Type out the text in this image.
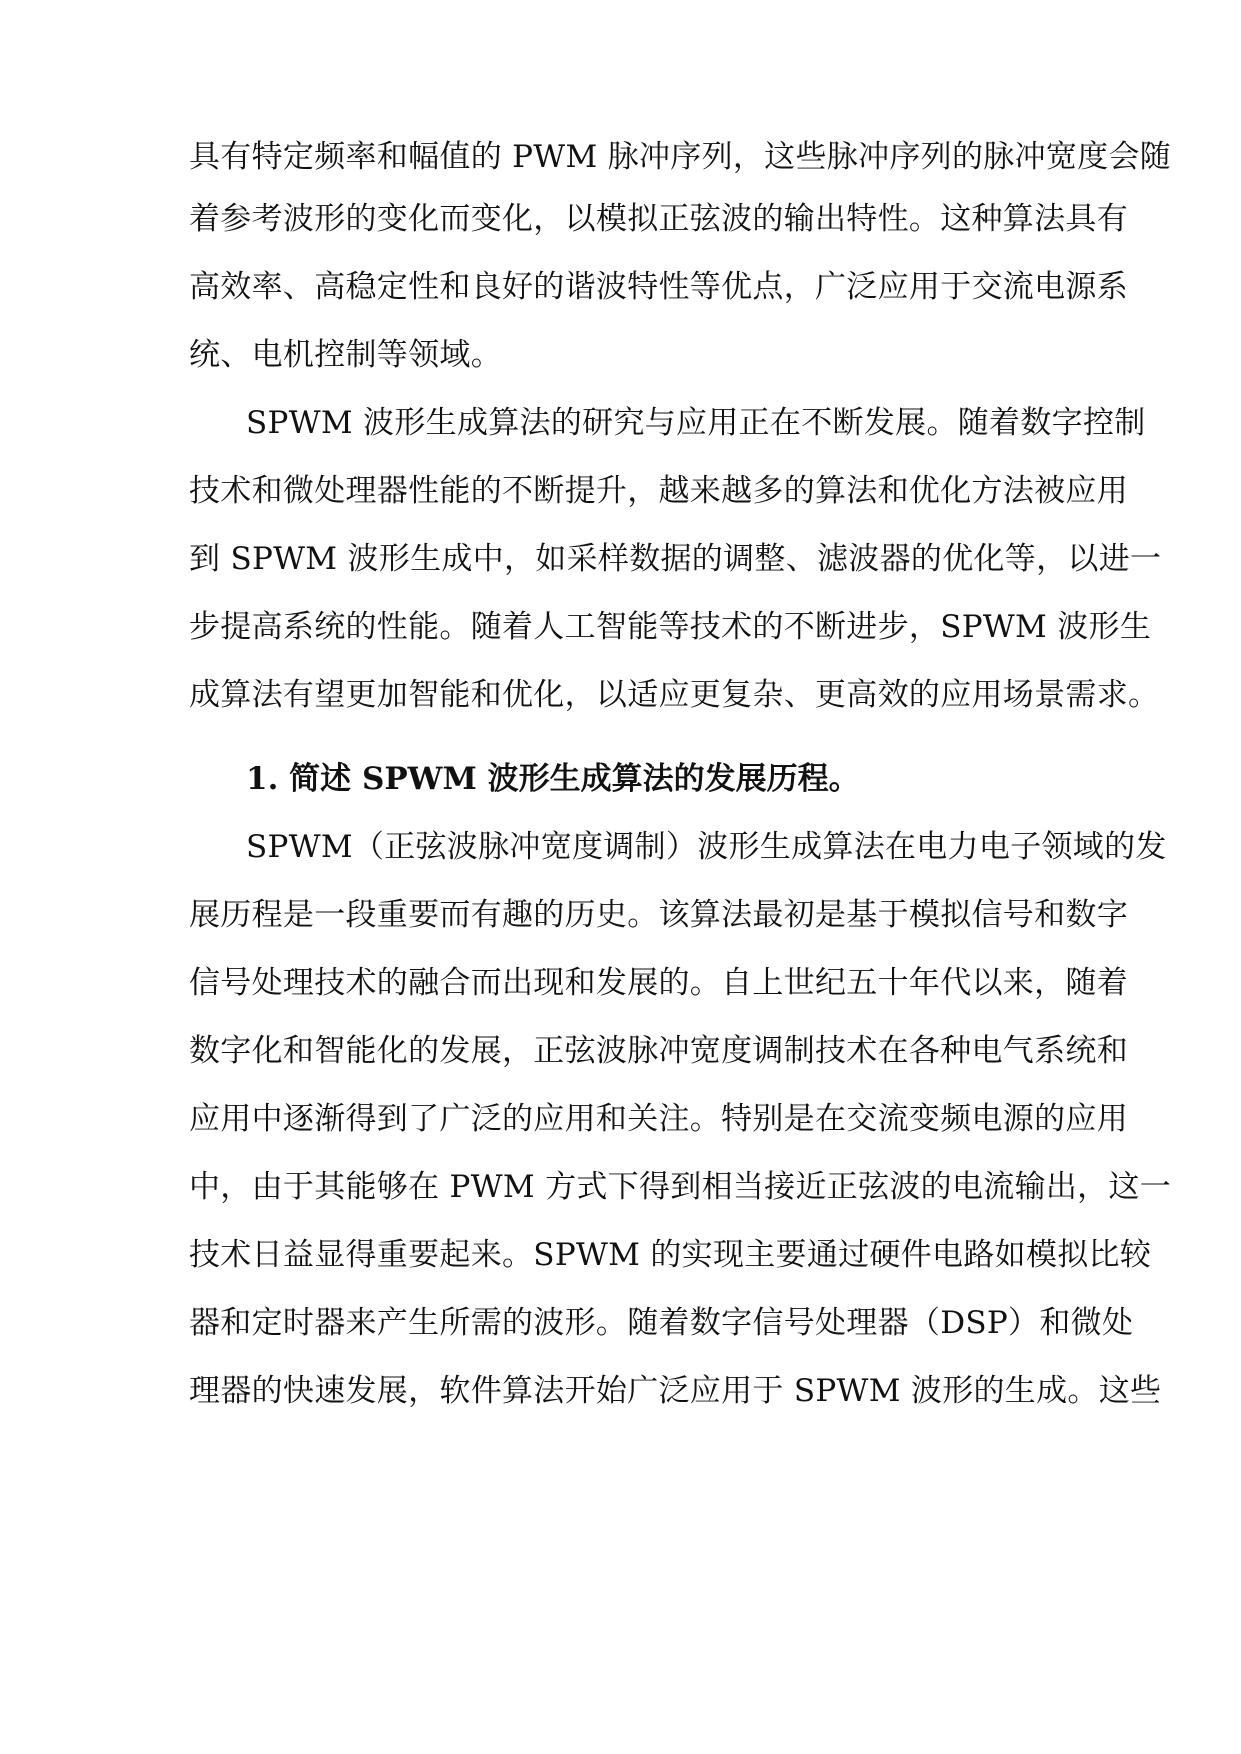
具有特定频率和幅值的 PWM 脉冲序列，这些脉冲序列的脉冲宽度会随
着参考波形的变化而变化，以模拟正弦波的输出特性。这种算法具有
高效率、高稳定性和良好的谐波特性等优点，广泛应用于交流电源系
统、电机控制等领域。
SPWM 波形生成算法的研究与应用正在不断发展。随着数字控制
技术和微处理器性能的不断提升，越来越多的算法和优化方法被应用
到 SPWM 波形生成中，如采样数据的调整、滤波器的优化等，以进一
步提高系统的性能。随着人工智能等技术的不断进步，SPWM 波形生
成算法有望更加智能和优化，以适应更复杂、更高效的应用场景需求。
1. 简述 SPWM 波形生成算法的发展历程。
SPWM（正弦波脉冲宽度调制）波形生成算法在电力电子领域的发
展历程是一段重要而有趣的历史。该算法最初是基于模拟信号和数字
信号处理技术的融合而出现和发展的。自上世纪五十年代以来，随着
数字化和智能化的发展，正弦波脉冲宽度调制技术在各种电气系统和
应用中逐渐得到了广泛的应用和关注。特别是在交流变频电源的应用
中，由于其能够在 PWM 方式下得到相当接近正弦波的电流输出，这一
技术日益显得重要起来。SPWM 的实现主要通过硬件电路如模拟比较
器和定时器来产生所需的波形。随着数字信号处理器（DSP）和微处
理器的快速发展，软件算法开始广泛应用于 SPWM 波形的生成。这些
